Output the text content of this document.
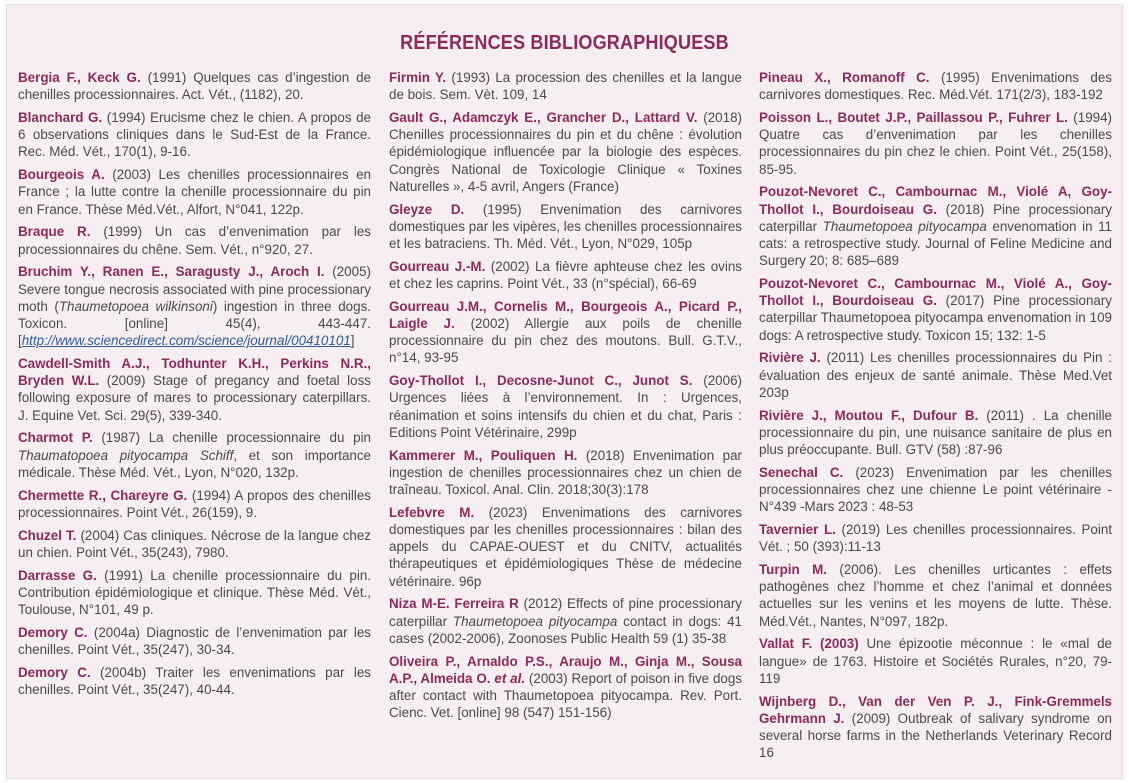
RÉFÉRENCES BIBLIOGRAPHIQUESB

Bergia F., Keck G. (1991) Quelques cas d’ingestion de chenilles processionnaires. Act. Vét., (1182), 20.

Blanchard G. (1994) Erucisme chez le chien. A propos de 6 observations cliniques dans le Sud-Est de la France. Rec. Méd. Vét., 170(1), 9-16.

Bourgeois A. (2003) Les chenilles processionnaires en France ; la lutte contre la chenille processionnaire du pin en France. Thèse Méd.Vét., Alfort, N°041, 122p.

Braque R. (1999) Un cas d’envenimation par les processionnaires du chêne. Sem. Vét., n°920, 27.

Bruchim Y., Ranen E., Saragusty J., Aroch I. (2005) Severe tongue necrosis associated with pine processionary moth (Thaumetopoea wilkinsoni) ingestion in three dogs. Toxicon. [online] 45(4), 443-447. [http://www.sciencedirect.com/science/journal/00410101]

Cawdell-Smith A.J., Todhunter K.H., Perkins N.R., Bryden W.L. (2009) Stage of pregancy and foetal loss following exposure of mares to processionary caterpillars. J. Equine Vet. Sci. 29(5), 339-340.

Charmot P. (1987) La chenille processionnaire du pin Thaumatopoea pityocampa Schiff, et son importance médicale. Thèse Méd. Vét., Lyon, N°020, 132p.

Chermette R., Chareyre G. (1994) A propos des chenilles processionnaires. Point Vét., 26(159), 9.

Chuzel T. (2004) Cas cliniques. Nécrose de la langue chez un chien. Point Vét., 35(243), 7980.

Darrasse G. (1991) La chenille processionnaire du pin. Contribution épidémiologique et clinique. Thèse Méd. Vét., Toulouse, N°101, 49 p.

Demory C. (2004a) Diagnostic de l’envenimation par les chenilles. Point Vét., 35(247), 30-34.

Demory C. (2004b) Traiter les envenimations par les chenilles. Point Vét., 35(247), 40-44.

Firmin Y. (1993) La procession des chenilles et la langue de bois. Sem. Vèt. 109, 14

Gault G., Adamczyk E., Grancher D., Lattard V. (2018) Chenilles processionnaires du pin et du chêne : évolution épidémiologique influencée par la biologie des espèces. Congrès National de Toxicologie Clinique « Toxines Naturelles », 4-5 avril, Angers (France)

Gleyze D. (1995) Envenimation des carnivores domestiques par les vipères, les chenilles processionnaires et les batraciens. Th. Méd. Vét., Lyon, N°029, 105p

Gourreau J.-M. (2002) La fièvre aphteuse chez les ovins et chez les caprins. Point Vét., 33 (n°spécial), 66-69

Gourreau J.M., Cornelis M., Bourgeois A., Picard P., Laigle J. (2002) Allergie aux poils de chenille processionnaire du pin chez des moutons. Bull. G.T.V., n°14, 93-95

Goy-Thollot I., Decosne-Junot C., Junot S. (2006) Urgences liées à l’environnement. In : Urgences, réanimation et soins intensifs du chien et du chat, Paris : Editions Point Vétérinaire, 299p

Kammerer M., Pouliquen H. (2018) Envenimation par ingestion de chenilles processionnaires chez un chien de traîneau. Toxicol. Anal. Clin. 2018;30(3):178

Lefebvre M. (2023) Envenimations des carnivores domestiques par les chenilles processionnaires : bilan des appels du CAPAE-OUEST et du CNITV, actualités thérapeutiques et épidémiologiques Thèse de médecine vétérinaire. 96p

Niza M-E. Ferreira R (2012) Effects of pine processionary caterpillar Thaumetopoea pityocampa contact in dogs: 41 cases (2002-2006), Zoonoses Public Health 59 (1) 35-38

Oliveira P., Arnaldo P.S., Araujo M., Ginja M., Sousa A.P., Almeida O. et al. (2003) Report of poison in five dogs after contact with Thaumetopoea pityocampa. Rev. Port. Cienc. Vet. [online] 98 (547) 151-156)

Pineau X., Romanoff C. (1995) Envenimations des carnivores domestiques. Rec. Méd.Vét. 171(2/3), 183-192

Poisson L., Boutet J.P., Paillassou P., Fuhrer L. (1994) Quatre cas d’envenimation par les chenilles processionnaires du pin chez le chien. Point Vét., 25(158), 85-95.

Pouzot-Nevoret C., Cambournac M., Violé A, Goy-Thollot I., Bourdoiseau G. (2018) Pine processionary caterpillar Thaumetopoea pityocampa envenomation in 11 cats: a retrospective study. Journal of Feline Medicine and Surgery 20; 8: 685–689

Pouzot-Nevoret C., Cambournac M., Violé A., Goy-Thollot I., Bourdoiseau G. (2017) Pine processionary caterpillar Thaumetopoea pityocampa envenomation in 109 dogs: A retrospective study. Toxicon 15; 132: 1-5

Rivière J. (2011) Les chenilles processionnaires du Pin : évaluation des enjeux de santé animale. Thèse Med.Vet 203p

Rivière J., Moutou F., Dufour B. (2011) . La chenille processionnaire du pin, une nuisance sanitaire de plus en plus préoccupante. Bull. GTV (58) :87-96

Senechal C. (2023) Envenimation par les chenilles processionnaires chez une chienne Le point vétérinaire -N°439 -Mars 2023 : 48-53

Tavernier L. (2019) Les chenilles processionnaires. Point Vét. ; 50 (393):11-13

Turpin M. (2006). Les chenilles urticantes : effets pathogènes chez l’homme et chez l’animal et données actuelles sur les venins et les moyens de lutte. Thèse. Méd.Vét., Nantes, N°097, 182p.

Vallat F. (2003) Une épizootie méconnue : le «mal de langue» de 1763. Histoire et Sociétés Rurales, n°20, 79-119

Wijnberg D., Van der Ven P. J., Fink-Gremmels Gehrmann J. (2009) Outbreak of salivary syndrome on several horse farms in the Netherlands Veterinary Record 16
